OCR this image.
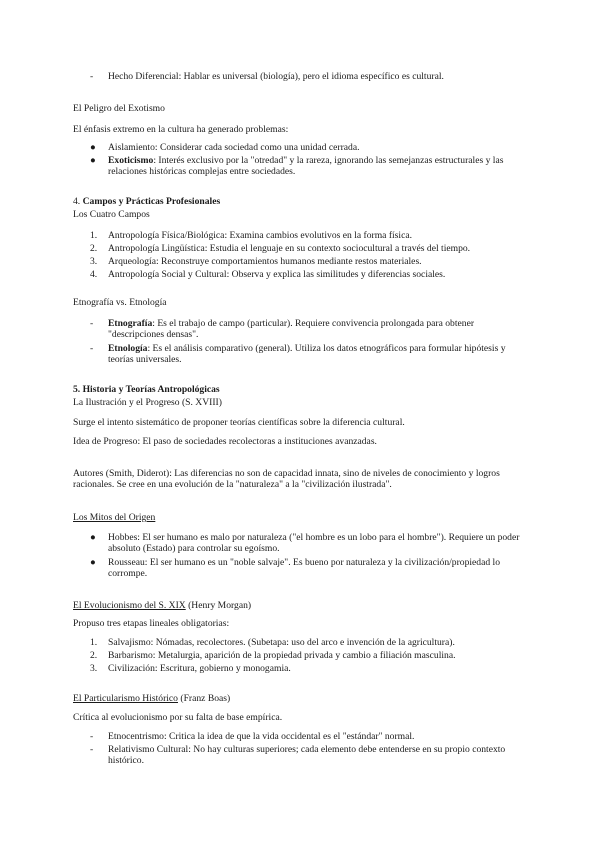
-	Hecho Diferencial: Hablar es universal (biología), pero el idioma específico es cultural.

El Peligro del Exotismo

El énfasis extremo en la cultura ha generado problemas:

●	Aislamiento: Considerar cada sociedad como una unidad cerrada.

●	Exoticismo: Interés exclusivo por la "otredad" y la rareza, ignorando las semejanzas estructurales y las relaciones históricas complejas entre sociedades.

4. Campos y Prácticas Profesionales

Los Cuatro Campos

1.	Antropología Física/Biológica: Examina cambios evolutivos en la forma física.

2.	Antropología Lingüística: Estudia el lenguaje en su contexto sociocultural a través del tiempo.

3.	Arqueología: Reconstruye comportamientos humanos mediante restos materiales.

4.	Antropología Social y Cultural: Observa y explica las similitudes y diferencias sociales.

Etnografía vs. Etnología

-	Etnografía: Es el trabajo de campo (particular). Requiere convivencia prolongada para obtener "descripciones densas".

-	Etnología: Es el análisis comparativo (general). Utiliza los datos etnográficos para formular hipótesis y teorías universales.

5. Historia y Teorías Antropológicas

La Ilustración y el Progreso (S. XVIII)

Surge el intento sistemático de proponer teorías científicas sobre la diferencia cultural.

Idea de Progreso: El paso de sociedades recolectoras a instituciones avanzadas.

Autores (Smith, Diderot): Las diferencias no son de capacidad innata, sino de niveles de conocimiento y logros racionales. Se cree en una evolución de la "naturaleza" a la "civilización ilustrada".

Los Mitos del Origen

●	Hobbes: El ser humano es malo por naturaleza ("el hombre es un lobo para el hombre"). Requiere un poder absoluto (Estado) para controlar su egoísmo.

●	Rousseau: El ser humano es un "noble salvaje". Es bueno por naturaleza y la civilización/propiedad lo corrompe.

El Evolucionismo del S. XIX (Henry Morgan)

Propuso tres etapas lineales obligatorias:

1.	Salvajismo: Nómadas, recolectores. (Subetapa: uso del arco e invención de la agricultura).

2.	Barbarismo: Metalurgia, aparición de la propiedad privada y cambio a filiación masculina.

3.	Civilización: Escritura, gobierno y monogamia.

El Particularismo Histórico (Franz Boas)

Crítica al evolucionismo por su falta de base empírica.

-	Etnocentrismo: Critica la idea de que la vida occidental es el "estándar" normal.

-	Relativismo Cultural: No hay culturas superiores; cada elemento debe entenderse en su propio contexto histórico.
